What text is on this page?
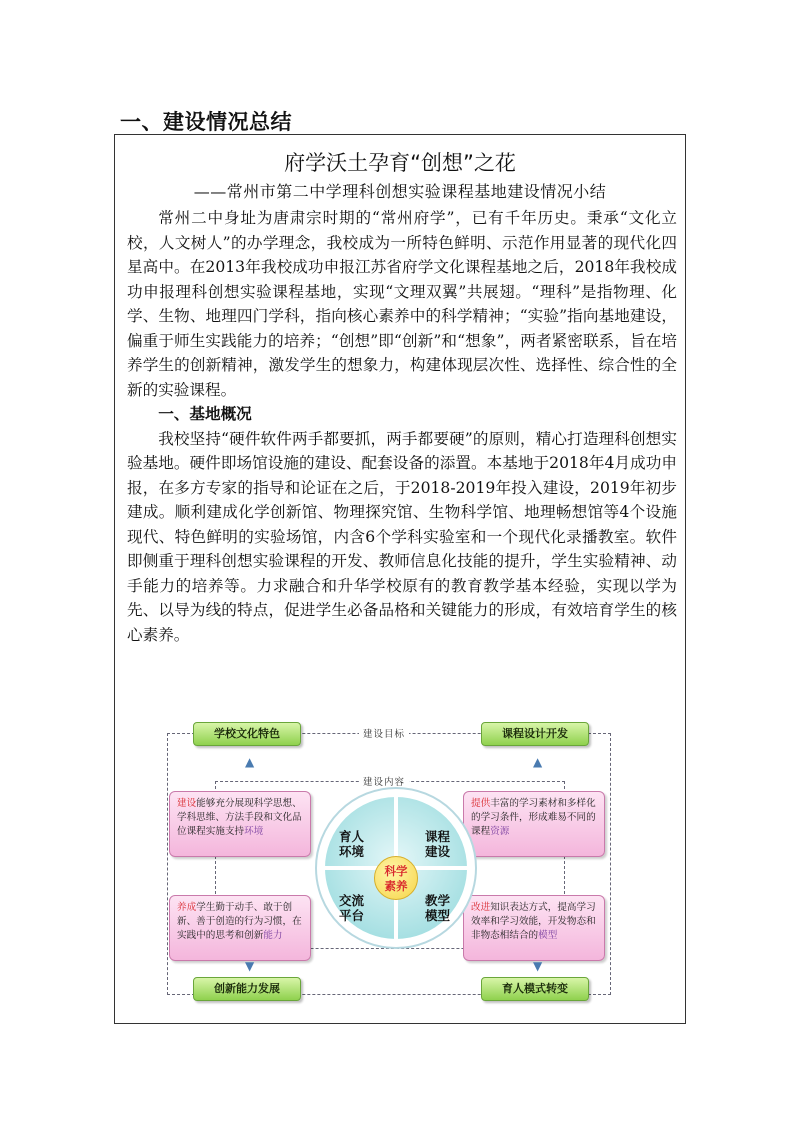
一、建设情况总结
府学沃土孕育“创想”之花
——常州市第二中学理科创想实验课程基地建设情况小结

常州二中身址为唐肃宗时期的“常州府学”，已有千年历史。秉承“文化立校，人文树人”的办学理念，我校成为一所特色鲜明、示范作用显著的现代化四星高中。在2013年我校成功申报江苏省府学文化课程基地之后，2018年我校成功申报理科创想实验课程基地，实现“文理双翼”共展翅。“理科”是指物理、化学、生物、地理四门学科，指向核心素养中的科学精神；“实验”指向基地建设，偏重于师生实践能力的培养；“创想”即“创新”和“想象”，两者紧密联系，旨在培养学生的创新精神，激发学生的想象力，构建体现层次性、选择性、综合性的全新的实验课程。

一、基地概况

我校坚持“硬件软件两手都要抓，两手都要硬”的原则，精心打造理科创想实验基地。硬件即场馆设施的建设、配套设备的添置。本基地于2018年4月成功申报，在多方专家的指导和论证在之后，于2018-2019年投入建设，2019年初步建成。顺利建成化学创新馆、物理探究馆、生物科学馆、地理畅想馆等4个设施现代、特色鲜明的实验场馆，内含6个学科实验室和一个现代化录播教室。软件即侧重于理科创想实验课程的开发、教师信息化技能的提升，学生实验精神、动手能力的培养等。力求融合和升华学校原有的教育教学基本经验，实现以学为先、以导为线的特点，促进学生必备品格和关键能力的形成，有效培育学生的核心素养。

建设目标
建设内容
学校文化特色	课程设计开发
创新能力发展	育人模式转变
建设能够充分展现科学思想、学科思维、方法手段和文化品位课程实施支持环境
提供丰富的学习素材和多样化的学习条件，形成难易不同的课程资源
养成学生勤于动手、敢于创新、善于创造的行为习惯，在实践中的思考和创新能力
改进知识表达方式，提高学习效率和学习效能，开发物态和非物态相结合的模型
育人
环境
课程
建设
交流
平台
教学
模型
科学
素养
▲	▲
▼	▼
